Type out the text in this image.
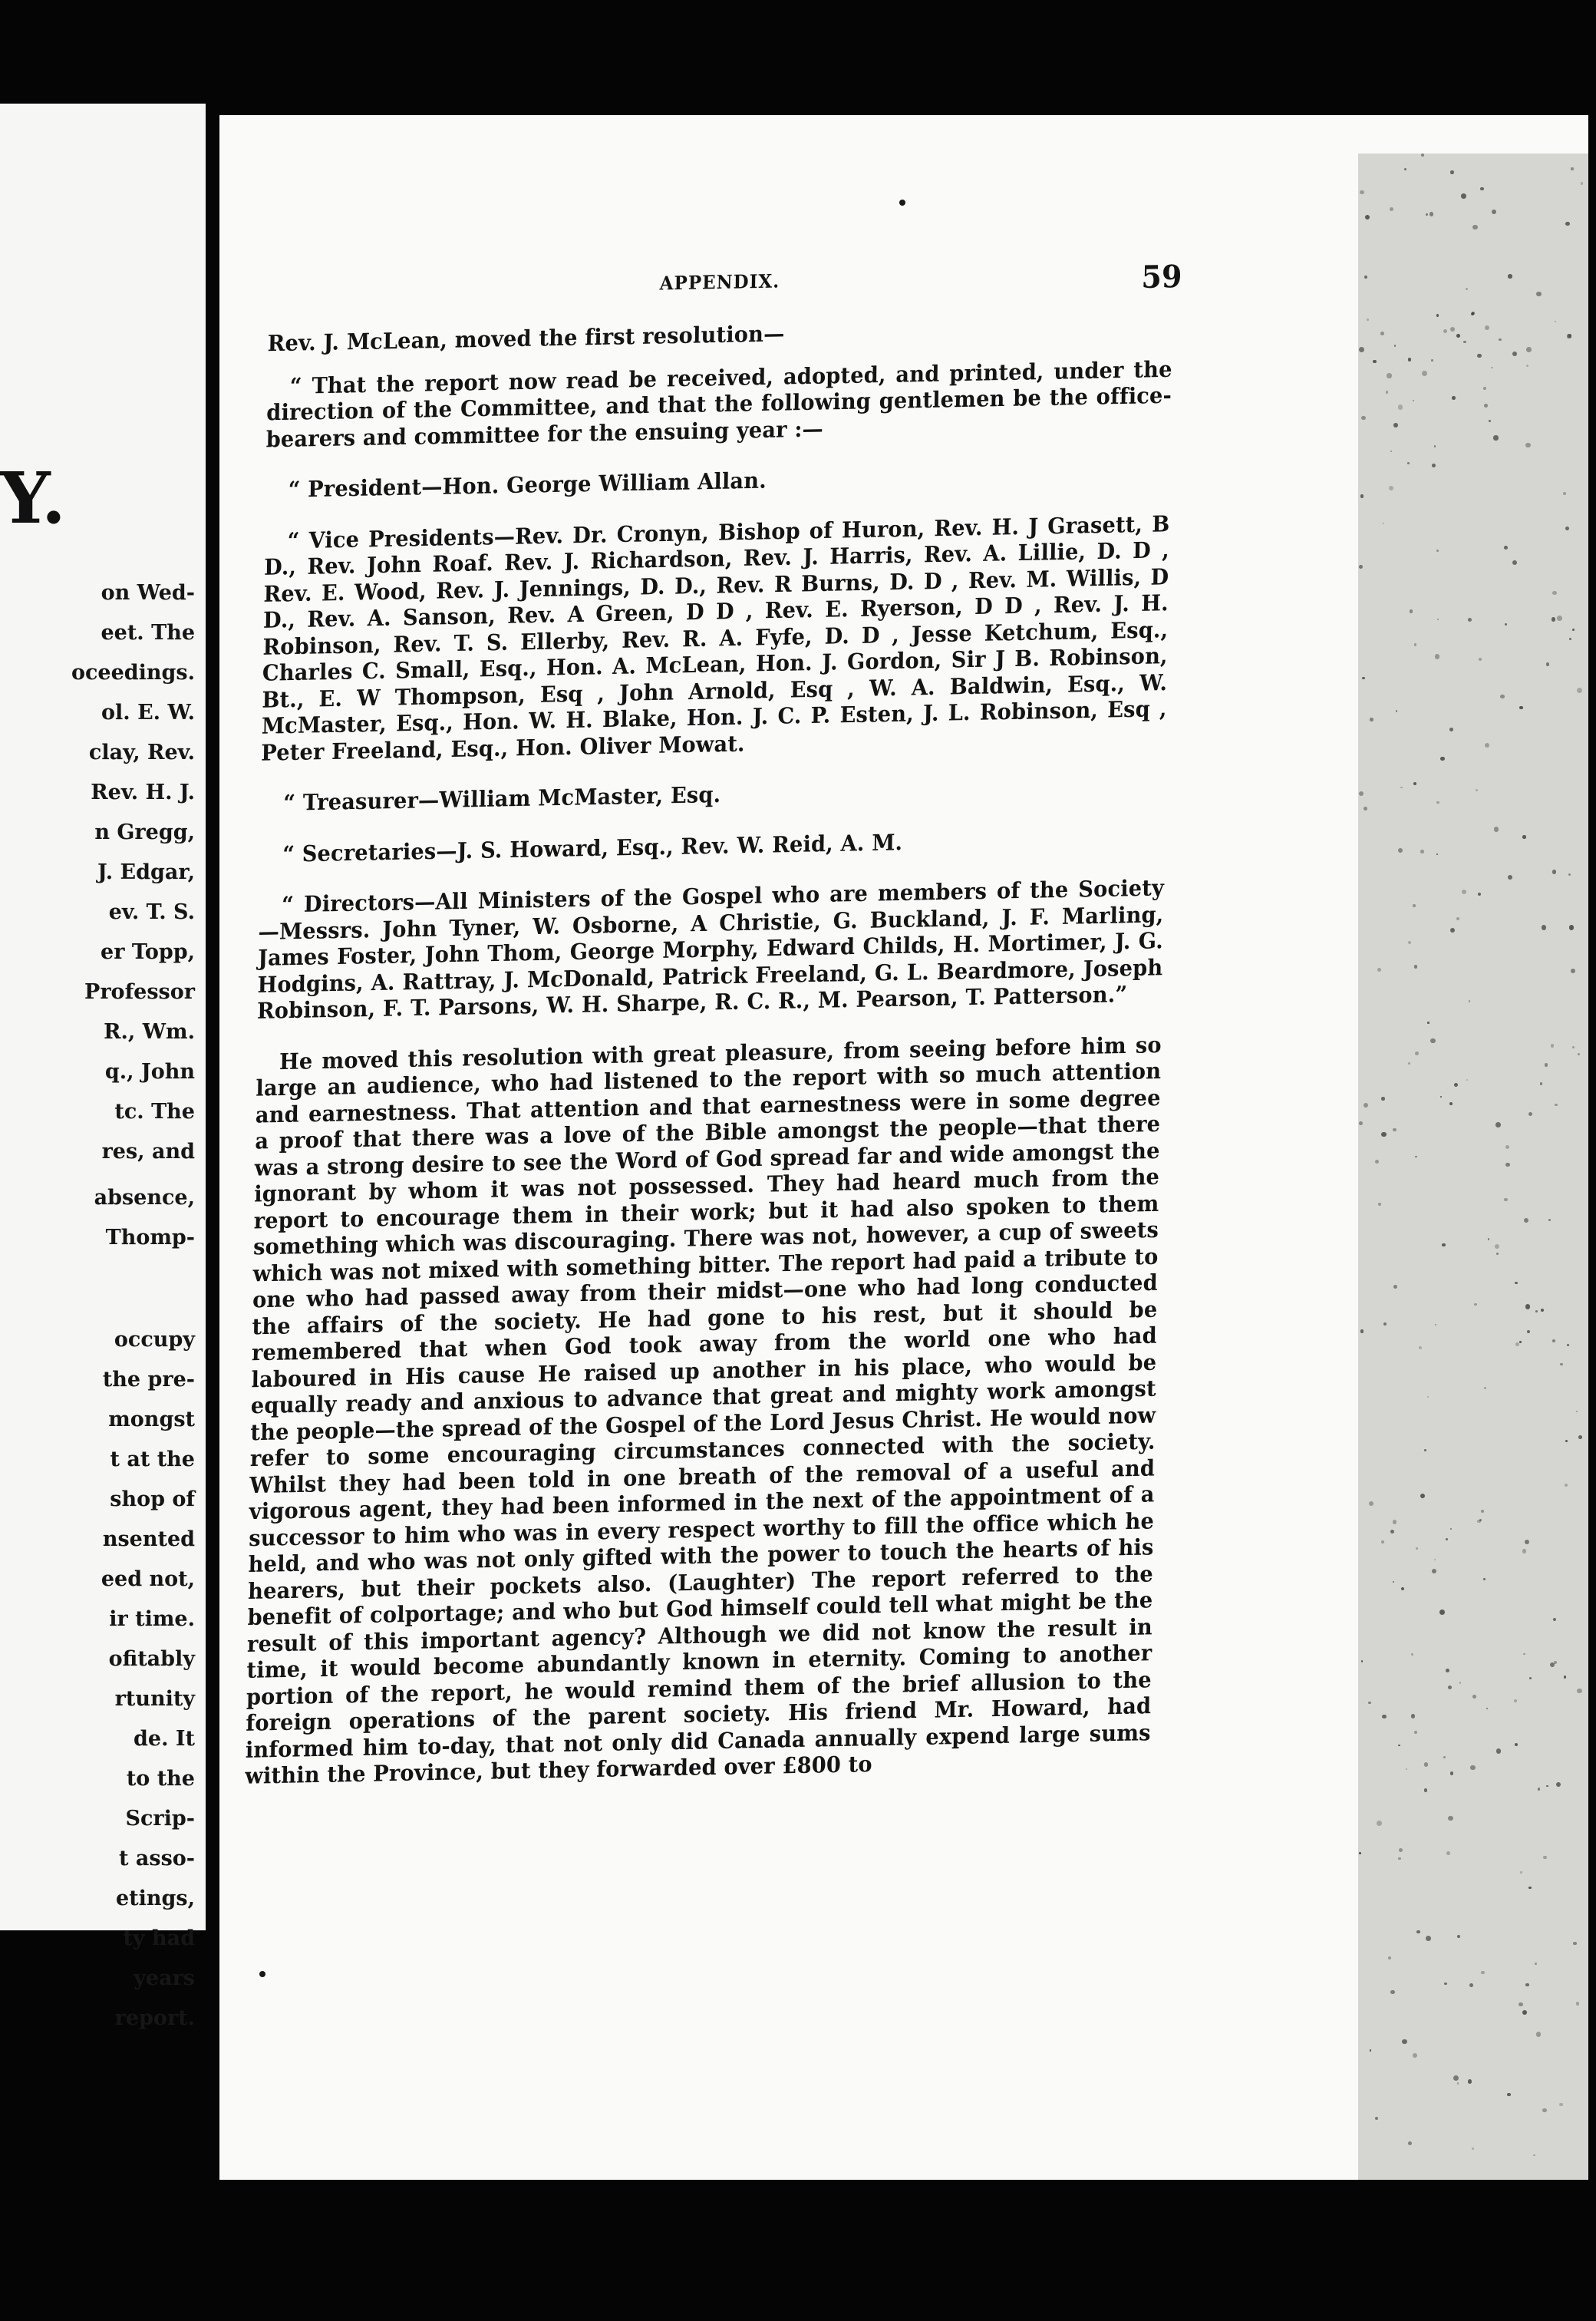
Y.

on Wed-

eet. The

oceedings.

ol. E. W.

clay, Rev.

Rev. H. J.

n Gregg,

J. Edgar,

ev. T. S.

er Topp,

Professor

R., Wm.

q., John

tc. The

res, and

absence,

Thomp-

occupy

the pre-

mongst

t at the

shop of

nsented

eed not,

ir time.

ofitably

rtunity

de. It

to the

Scrip-

t asso-

etings,

ty had

years

report.

APPENDIX.	59

Rev. J. McLean, moved the first resolution—

“ That the report now read be received, adopted, and printed, under the direction of the Committee, and that the following gentlemen be the office-bearers and committee for the ensuing year :—

“ President—Hon. George William Allan.

“ Vice Presidents—Rev. Dr. Cronyn, Bishop of Huron, Rev. H. J Grasett, B D., Rev. John Roaf. Rev. J. Richardson, Rev. J. Harris, Rev. A. Lillie, D. D , Rev. E. Wood, Rev. J. Jennings, D. D., Rev. R Burns, D. D , Rev. M. Willis, D D., Rev. A. Sanson, Rev. A Green, D D , Rev. E. Ryerson, D D , Rev. J. H. Robinson, Rev. T. S. Ellerby, Rev. R. A. Fyfe, D. D , Jesse Ketchum, Esq., Charles C. Small, Esq., Hon. A. McLean, Hon. J. Gordon, Sir J B. Robinson, Bt., E. W Thompson, Esq , John Arnold, Esq , W. A. Baldwin, Esq., W. McMaster, Esq., Hon. W. H. Blake, Hon. J. C. P. Esten, J. L. Robinson, Esq , Peter Freeland, Esq., Hon. Oliver Mowat.

“ Treasurer—William McMaster, Esq.

“ Secretaries—J. S. Howard, Esq., Rev. W. Reid, A. M.

“ Directors—All Ministers of the Gospel who are members of the Society —Messrs. John Tyner, W. Osborne, A Christie, G. Buckland, J. F. Marling, James Foster, John Thom, George Morphy, Edward Childs, H. Mortimer, J. G. Hodgins, A. Rattray, J. McDonald, Patrick Freeland, G. L. Beardmore, Joseph Robinson, F. T. Parsons, W. H. Sharpe, R. C. R., M. Pearson, T. Patterson.”

He moved this resolution with great pleasure, from seeing before him so large an audience, who had listened to the report with so much attention and earnestness. That attention and that earnestness were in some degree a proof that there was a love of the Bible amongst the people—that there was a strong desire to see the Word of God spread far and wide amongst the ignorant by whom it was not possessed. They had heard much from the report to encourage them in their work; but it had also spoken to them something which was discouraging. There was not, however, a cup of sweets which was not mixed with something bitter. The report had paid a tribute to one who had passed away from their midst—one who had long conducted the affairs of the society. He had gone to his rest, but it should be remembered that when God took away from the world one who had laboured in His cause He raised up another in his place, who would be equally ready and anxious to advance that great and mighty work amongst the people—the spread of the Gospel of the Lord Jesus Christ. He would now refer to some encouraging circumstances connected with the society. Whilst they had been told in one breath of the removal of a useful and vigorous agent, they had been informed in the next of the appointment of a successor to him who was in every respect worthy to fill the office which he held, and who was not only gifted with the power to touch the hearts of his hearers, but their pockets also. (Laughter) The report referred to the benefit of colportage; and who but God himself could tell what might be the result of this important agency? Although we did not know the result in time, it would become abundantly known in eternity. Coming to another portion of the report, he would remind them of the brief allusion to the foreign operations of the parent society. His friend Mr. Howard, had informed him to-day, that not only did Canada annually expend large sums within the Province, but they forwarded over £800 to
